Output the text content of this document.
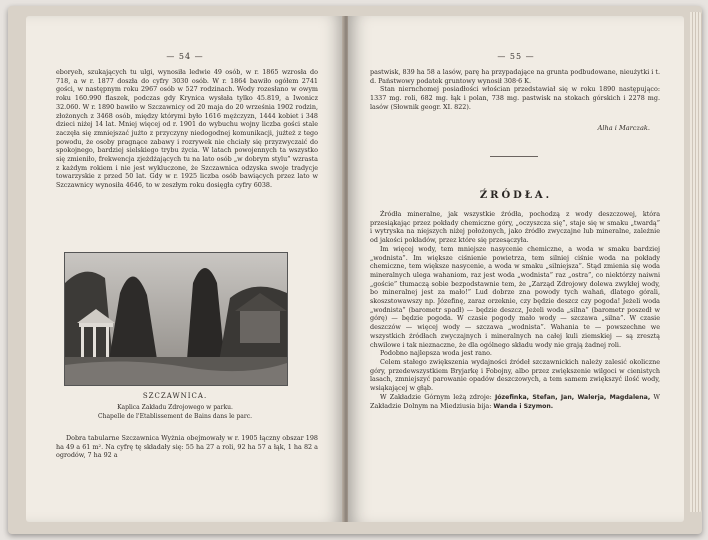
— 54 —

eboryeh, szukających tu ulgi, wynosiła ledwie 49 osób, w r. 1865 wzrosła do 718, a w r. 1877 doszła do cyfry 3030 osób. W r. 1864 bawiło ogółem 2741 gości, w następnym roku 2967 osób w 527 rodzinach. Wody rozesłano w owym roku 160.990 flaszek, podczas gdy Krynica wysłała tylko 45.819, a Iwonicz 32.060. W r. 1890 bawiło w Szczawnicy od 20 maja do 20 września 1902 rodzin, złożonych z 3468 osób, między którymi było 1616 mężczyzn, 1444 kobiet i 348 dzieci niżej 14 lat. Mniej więcej od r. 1901 do wybuchu wojny liczba gości stale zaczęła się zmniejszać jużto z przyczyny niedogodnej komunikacji, jużteż z tego powodu, że osoby pragnące zabawy i rozrywek nie chciały się przyzwyczaić do spokojnego, bardziej sielskiego trybu życia. W latach powojennych ta wszystko się zmieniło, frekwencja zjeżdżających tu na lato osób „w dobrym stylu” wzrasta z każdym rokiem i nie jest wykluczone, że Szczawnica odzyska swoje tradycje towarzyskie z przed 50 lat. Gdy w r. 1925 liczba osób bawiących przez lato w Szczawnicy wynosiła 4646, to w zeszłym roku dosięgła cyfry 6038.

SZCZAWNICA.
Kaplica Zakładu Zdrojowego w parku.
Chapelle de l'Etablissement de Bains dans le parc.

Dobra tabularne Szczawnica Wyżnia obejmowały w r. 1905 łączny obszar 198 ha 49 a 61 m². Na cyfrę tę składały się: 55 ha 27 a roli, 92 ha 57 a łąk, 1 ha 82 a ogrodów, 7 ha 92 a

— 55 —

pastwisk, 839 ha 58 a lasów, parę ha przypadające na grunta podbudowane, nieużytki i t. d. Państwowy podatek gruntowy wynosił 308·6 K.

Stan niernchomej posiadłości włościan przedstawiał się w roku 1890 następująco: 1337 mg. roli, 682 mg. łąk i polan, 738 mg. pastwisk na stokach górskich i 2278 mg. lasów (Słownik geogr. XI. 822).

Alha i Marczak.
ŹRÓDŁA.

Źródła mineralne, jak wszystkie źródła, pochodzą z wody deszczowej, która przesiąkając przez pokłady chemiczne góry, „oczyszcza się”, staje się w smaku „twardą” i wytryska na niejszych niżej położonych, jako źródło zwyczajne lub mineralne, zależnie od jakości pokładów, przez które się przesączyła.

Im więcej wody, tem mniejsze nasycenie chemiczne, a woda w smaku bardziej „wodnista”. Im większe ciśnienie powietrza, tem silniej ciśnie woda na pokłady chemiczne, tem większe nasycenie, a woda w smaku „silniejsza”. Stąd zmienia się woda mineralnych ulega wahaniom, raz jest woda „wodnista” raz „ostra”, co niektórzy naiwni „goście” tłumaczą sobie bezpodstawnie tem, że „Zarząd Zdrojowy dolewa zwykłej wody, bo mineralnej jest za mało!” Lud dobrze zna powody tych wahań, dlatego górali, skoszstowawszy np. Józefinę, zaraz orzeknie, czy będzie deszcz czy pogoda! Jeżeli woda „wodnista” (barometr spadł) — będzie deszcz, Jeżeli woda „silna” (barometr poszedł w górę) — będzie pogoda. W czasie pogody mało wody — szczawa „silna”. W czasie deszczów — więcej wody — szczawa „wodnista”. Wahania te — powszechne we wszystkich źródłach zwyczajnych i mineralnych na całej kuli ziemskiej — są zresztą chwilowe i tak nieznaczne, że dla ogólnego składu wody nie grają żadnej roli.

Podobno najlepsza woda jest rano.

Celem stałego zwiększenia wydajności źródeł szczawnickich należy zalesić okoliczne góry, przedewszystkiem Bryjarkę i Fobojny, albo przez zwiększenie wilgoci w cienistych lasach, zmniejszyć parowanie opadów deszczowych, a tem samem zwiększyć ilość wody, wsiąkającej w głąb.

W Zakładzie Górnym leżą zdroje: Józefinka, Stefan, Jan, Walerja, Magdalena, W Zakładzie Dolnym na Miedziusia bija: Wanda i Szymon.
